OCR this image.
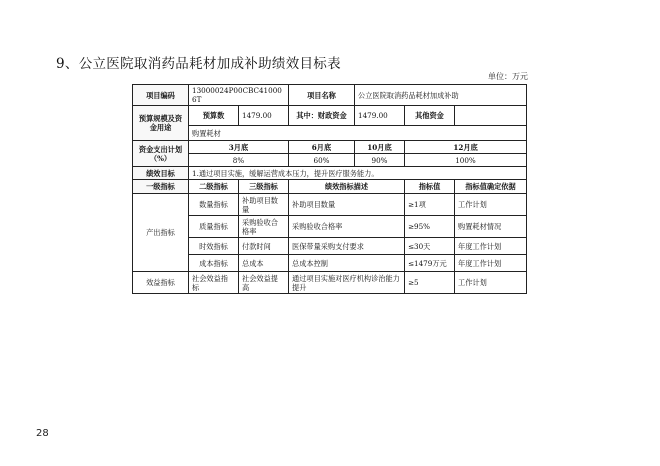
9、公立医院取消药品耗材加成补助绩效目标表
单位：万元
项目编码	13000024P00CBC410006T		项目名称	公立医院取消药品耗材加成补助		
预算规模及资金用途	预算数	1479.00	其中：财政资金	1479.00	其他资金	
	购置耗材					
资金支出计划（%）	3月底		6月底	10月底	12月底	
	8%		60%	90%	100%	
绩效目标	1.通过项目实施，缓解运营成本压力，提升医疗服务能力。					
一级指标	二级指标	三级指标	绩效指标描述		指标值	指标值确定依据
产出指标	数量指标	补助项目数量	补助项目数量		≥1项	工作计划
	质量指标	采购验收合格率	采购验收合格率		≥95%	购置耗材情况
	时效指标	付款时间	医保带量采购支付要求		≤30天	年度工作计划
	成本指标	总成本	总成本控制		≤1479万元	年度工作计划
效益指标	社会效益指标	社会效益提高	通过项目实施对医疗机构诊治能力提升		≥5	工作计划
28
